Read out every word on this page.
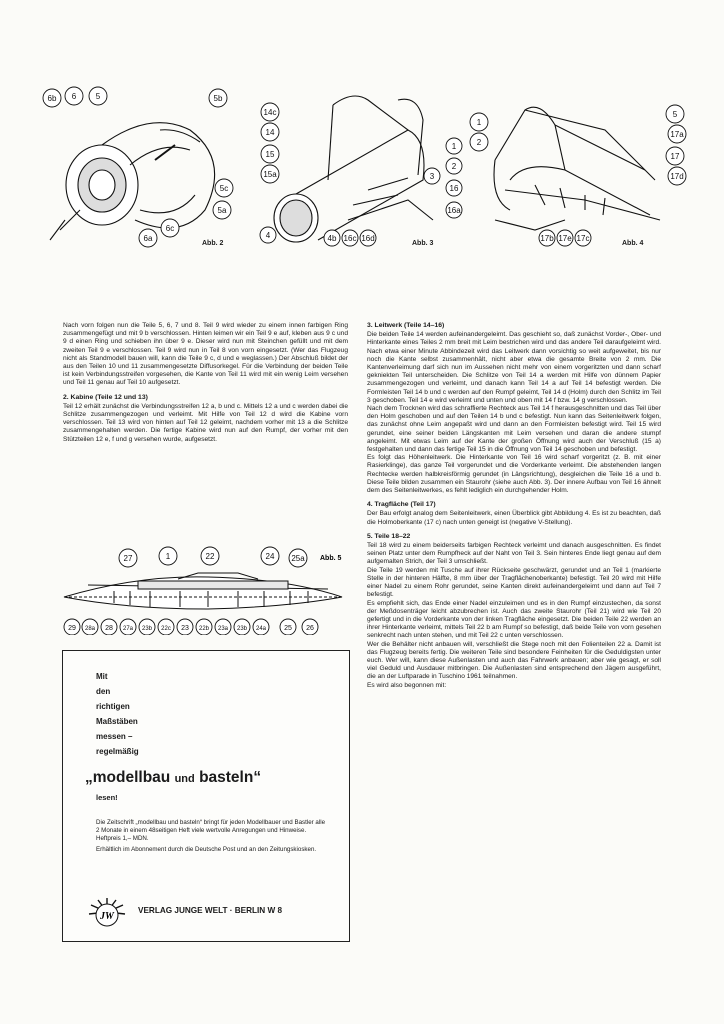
6b 6 5	5b
5c
5a
6c
6a
Abb. 2
14c
14
15
15a
1
2
3
16
16a
4	4b 16c 16d
Abb. 3
1
2
5
17a
17
17d
17b 17e 17c
Abb. 4

Nach vorn folgen nun die Teile 5, 6, 7 und 8. Teil 9 wird wieder zu einem innen farbigen Ring zusammengefügt und mit 9 b verschlossen. Hinten leimen wir ein Teil 9 e auf, kleben aus 9 c und 9 d einen Ring und schieben ihn über 9 e. Dieser wird nun mit Steinchen gefüllt und mit dem zweiten Teil 9 e verschlossen. Teil 9 wird nun in Teil 8 von vorn eingesetzt. (Wer das Flugzeug nicht als Standmodell bauen will, kann die Teile 9 c, d und e weglassen.) Der Abschluß bildet der aus den Teilen 10 und 11 zusammengesetzte Diffusorkegel. Für die Verbindung der beiden Teile ist kein Verbindungsstreifen vorgesehen, die Kante von Teil 11 wird mit ein wenig Leim versehen und Teil 11 genau auf Teil 10 aufgesetzt.

2. Kabine (Teile 12 und 13)

Teil 12 erhält zunächst die Verbindungsstreifen 12 a, b und c. Mittels 12 a und c werden dabei die Schlitze zusammengezogen und verleimt. Mit Hilfe von Teil 12 d wird die Kabine vorn verschlossen. Teil 13 wird von hinten auf Teil 12 geleimt, nachdem vorher mit 13 a die Schlitze zusammengehalten werden. Die fertige Kabine wird nun auf den Rumpf, der vorher mit den Stützteilen 12 e, f und g versehen wurde, aufgesetzt.

27	1	22	24 25a
29 28a 28 27a 23b 22c 23 22b 23a 23b 24a	25 26
Abb. 5
Mit
den
richtigen
Maßstäben
messen –
regelmäßig
„modellbau und basteln“
lesen!

Die Zeitschrift „modellbau und basteln“ bringt für jeden Modellbauer und Bastler alle 2 Monate in einem 48seitigen Heft viele wertvolle Anregungen und Hinweise. Heftpreis 1,– MDN.

Erhältlich im Abonnement durch die Deutsche Post und an den Zeitungskiosken.

JW
VERLAG JUNGE WELT · BERLIN W 8
3. Leitwerk (Teile 14–16)

Die beiden Teile 14 werden aufeinandergeleimt. Das geschieht so, daß zunächst Vorder-, Ober- und Hinterkante eines Teiles 2 mm breit mit Leim bestrichen wird und das andere Teil daraufgeleimt wird. Nach etwa einer Minute Abbindezeit wird das Leitwerk dann vorsichtig so weit aufgeweitet, bis nur noch die Kante selbst zusammenhält, nicht aber etwa die gesamte Breite von 2 mm. Die Kantenverleimung darf sich nun im Aussehen nicht mehr von einem vorgeritzten und dann scharf gekniekten Teil unterscheiden. Die Schlitze von Teil 14 a werden mit Hilfe von dünnem Papier zusammengezogen und verleimt, und danach kann Teil 14 a auf Teil 14 befestigt werden. Die Formleisten Teil 14 b und c werden auf den Rumpf geleimt, Teil 14 d (Holm) durch den Schlitz im Teil 3 geschoben. Teil 14 e wird verleimt und unten und oben mit 14 f bzw. 14 g verschlossen.

Nach dem Trocknen wird das schraffierte Rechteck aus Teil 14 f herausgeschnitten und das Teil über den Holm geschoben und auf den Teilen 14 b und c befestigt. Nun kann das Seitenleitwerk folgen, das zunächst ohne Leim angepaßt wird und dann an den Formleisten befestigt wird. Teil 15 wird gerundet, eine seiner beiden Längskanten mit Leim versehen und daran die andere stumpf angeleimt. Mit etwas Leim auf der Kante der großen Öffnung wird auch der Verschluß (15 a) festgehalten und dann das fertige Teil 15 in die Öffnung von Teil 14 geschoben und befestigt.

Es folgt das Höhenleitwerk. Die Hinterkante von Teil 16 wird scharf vorgeritzt (z. B. mit einer Rasierklinge), das ganze Teil vorgerundet und die Vorderkante verleimt. Die abstehenden langen Rechtecke werden halbkreisförmig gerundet (in Längsrichtung), desgleichen die Teile 16 a und b. Diese Teile bilden zusammen ein Staurohr (siehe auch Abb. 3). Der innere Aufbau von Teil 16 ähnelt dem des Seitenleitwerkes, es fehlt lediglich ein durchgehender Holm.

4. Tragfläche (Teil 17)

Der Bau erfolgt analog dem Seitenleitwerk, einen Überblick gibt Abbildung 4. Es ist zu beachten, daß die Holmoberkante (17 c) nach unten geneigt ist (negative V-Stellung).

5. Teile 18–22

Teil 18 wird zu einem beiderseits farbigen Rechteck verleimt und danach ausgeschnitten. Es findet seinen Platz unter dem Rumpfheck auf der Naht von Teil 3. Sein hinteres Ende liegt genau auf dem aufgemalten Strich, der Teil 3 umschließt.

Die Teile 19 werden mit Tusche auf ihrer Rückseite geschwärzt, gerundet und an Teil 1 (markierte Stelle in der hinteren Hälfte, 8 mm über der Tragflächenoberkante) befestigt. Teil 20 wird mit Hilfe einer Nadel zu einem Rohr gerundet, seine Kanten direkt aufeinandergeleimt und dann auf Teil 7 befestigt.

Es empfiehlt sich, das Ende einer Nadel einzuleimen und es in den Rumpf einzustechen, da sonst der Meßdosenträger leicht abzubrechen ist. Auch das zweite Staurohr (Teil 21) wird wie Teil 20 gefertigt und in die Vorderkante von der linken Tragfläche eingesetzt. Die beiden Teile 22 werden an ihrer Hinterkante verleimt, mittels Teil 22 b am Rumpf so befestigt, daß beide Teile von vorn gesehen senkrecht nach unten stehen, und mit Teil 22 c unten verschlossen.

Wer die Behälter nicht anbauen will, verschließt die Stege noch mit den Folienteilen 22 a. Damit ist das Flugzeug bereits fertig. Die weiteren Teile sind besondere Feinheiten für die Geduldigsten unter euch. Wer will, kann diese Außenlasten und auch das Fahrwerk anbauen; aber wie gesagt, er soll viel Geduld und Ausdauer mitbringen. Die Außenlasten sind entsprechend den Jägern ausgeführt, die an der Luftparade in Tuschino 1961 teilnahmen.

Es wird also begonnen mit:
